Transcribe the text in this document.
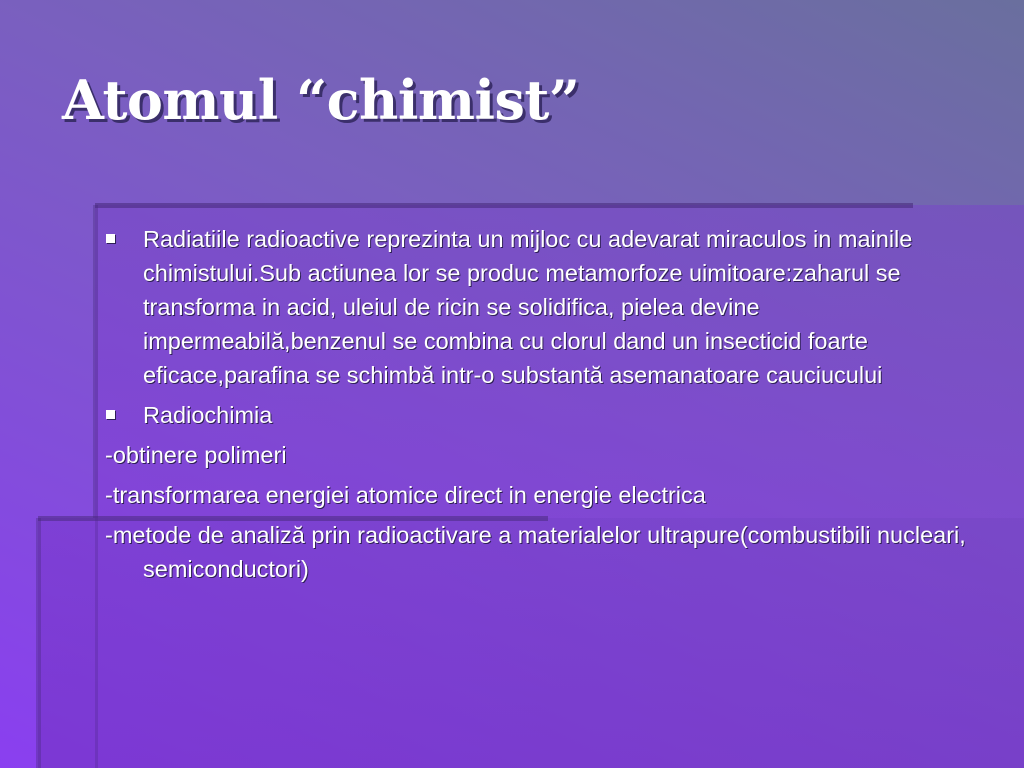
Atomul “chimist”
Radiatiile radioactive reprezinta un mijloc cu adevarat miraculos in mainile chimistului.Sub actiunea lor se produc metamorfoze uimitoare:zaharul se transforma in acid, uleiul de ricin se solidifica, pielea devine impermeabilă,benzenul se combina cu clorul dand un insecticid foarte eficace,parafina se schimbă intr-o substantă asemanatoare cauciucului
Radiochimia
-obtinere polimeri
-transformarea energiei atomice direct in energie electrica
-metode de analiză prin radioactivare a materialelor ultrapure(combustibili nucleari, semiconductori)
